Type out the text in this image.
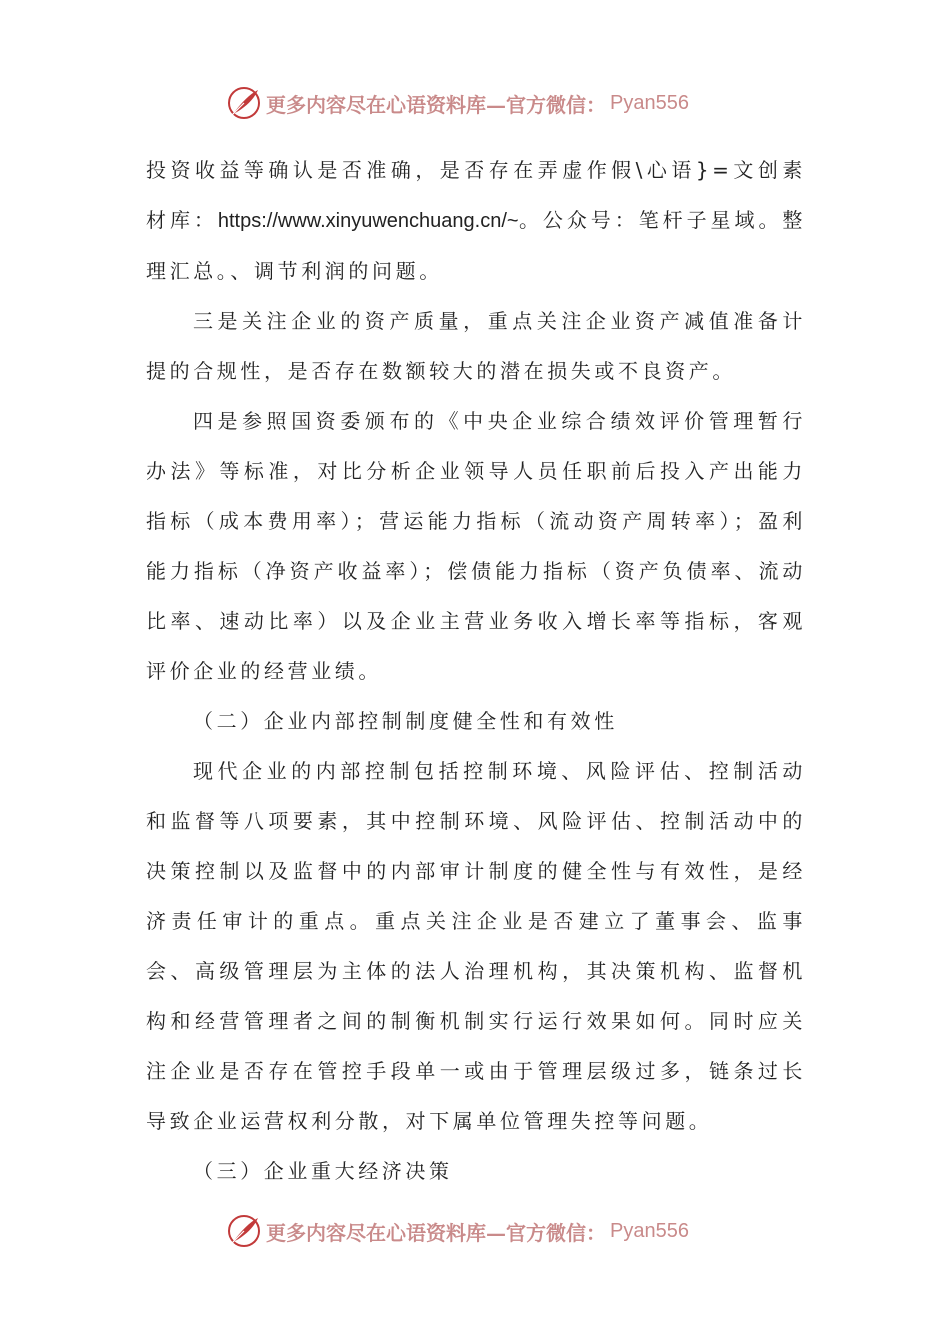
更多内容尽在心语资料库—官方微信： Pyan556

投资收益等确认是否准确，是否存在弄虚作假\心语}=文创素材库：https://www.xinyuwenchuang.cn/~。公众号：笔杆子星域。整理汇总。、调节利润的问题。

三是关注企业的资产质量，重点关注企业资产减值准备计提的合规性，是否存在数额较大的潜在损失或不良资产。

四是参照国资委颁布的《中央企业综合绩效评价管理暂行办法》等标准，对比分析企业领导人员任职前后投入产出能力指标（成本费用率）；营运能力指标（流动资产周转率）；盈利能力指标（净资产收益率）；偿债能力指标（资产负债率、流动比率、速动比率）以及企业主营业务收入增长率等指标，客观评价企业的经营业绩。

（二）企业内部控制制度健全性和有效性

现代企业的内部控制包括控制环境、风险评估、控制活动和监督等八项要素，其中控制环境、风险评估、控制活动中的决策控制以及监督中的内部审计制度的健全性与有效性，是经济责任审计的重点。重点关注企业是否建立了董事会、监事会、高级管理层为主体的法人治理机构，其决策机构、监督机构和经营管理者之间的制衡机制实行运行效果如何。同时应关注企业是否存在管控手段单一或由于管理层级过多，链条过长导致企业运营权利分散，对下属单位管理失控等问题。

（三）企业重大经济决策

更多内容尽在心语资料库—官方微信： Pyan556
